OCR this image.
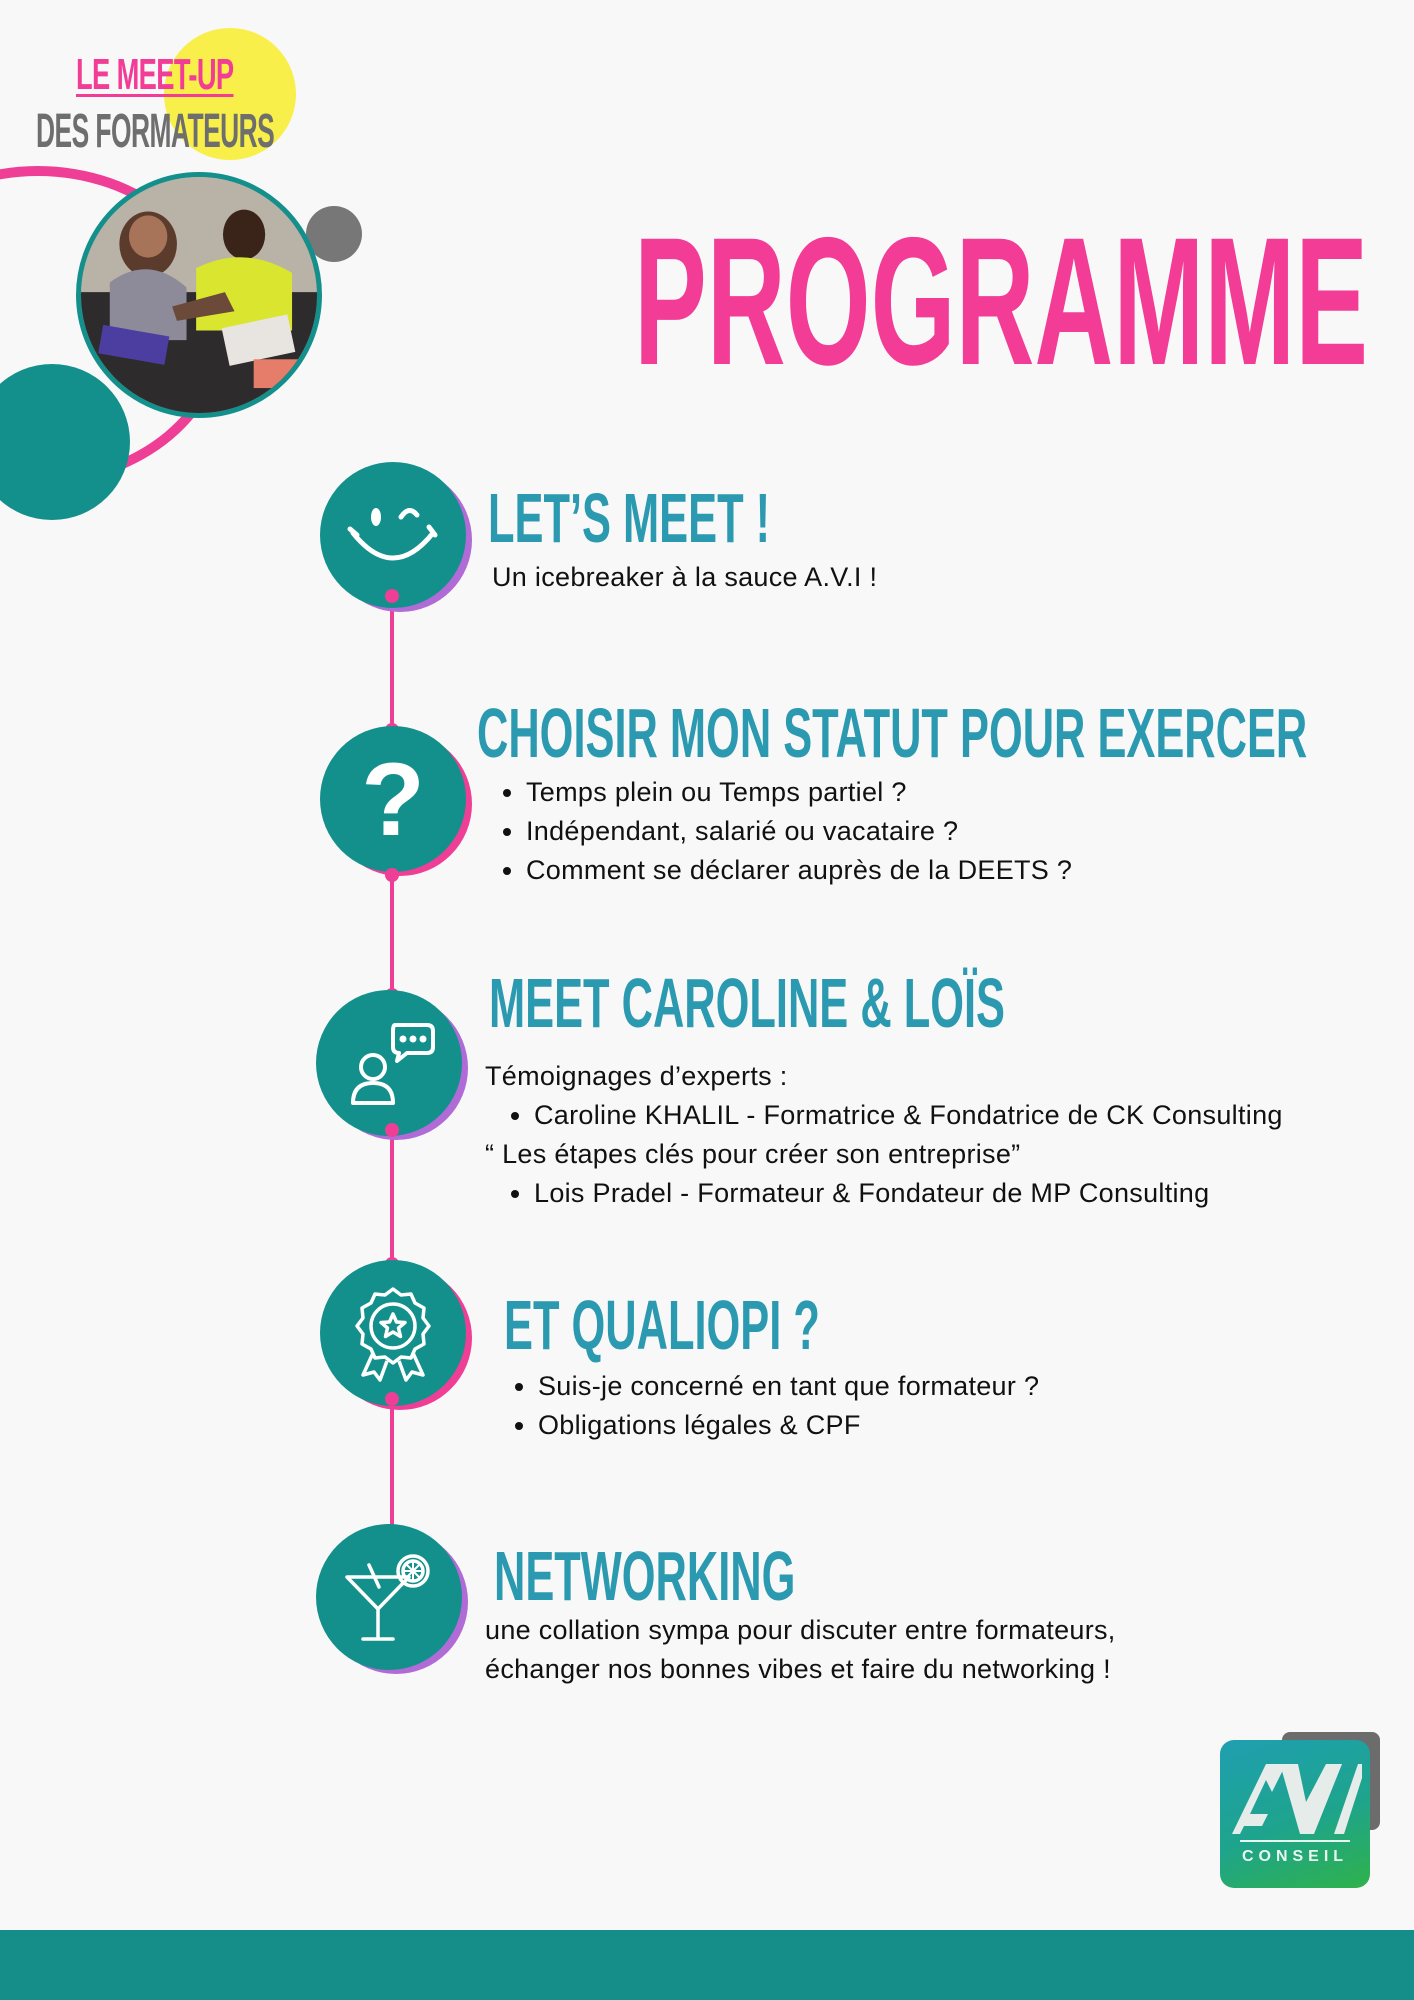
LE MEET-UP
DES FORMATEURS
PROGRAMME
LET’S MEET !
Un icebreaker à la sauce A.V.I !
?
CHOISIR MON STATUT POUR EXERCER
• Temps plein ou Temps partiel ?
• Indépendant, salarié ou vacataire ?
• Comment se déclarer auprès de la DEETS ?
MEET CAROLINE & LOÏS
Témoignages d’experts :
• Caroline KHALIL - Formatrice & Fondatrice de CK Consulting
“ Les étapes clés pour créer son entreprise”
• Lois Pradel - Formateur & Fondateur de MP Consulting
ET QUALIOPI ?
• Suis-je concerné en tant que formateur ?
• Obligations légales & CPF
NETWORKING
une collation sympa pour discuter entre formateurs,
échanger nos bonnes vibes et faire du networking !
CONSEIL
